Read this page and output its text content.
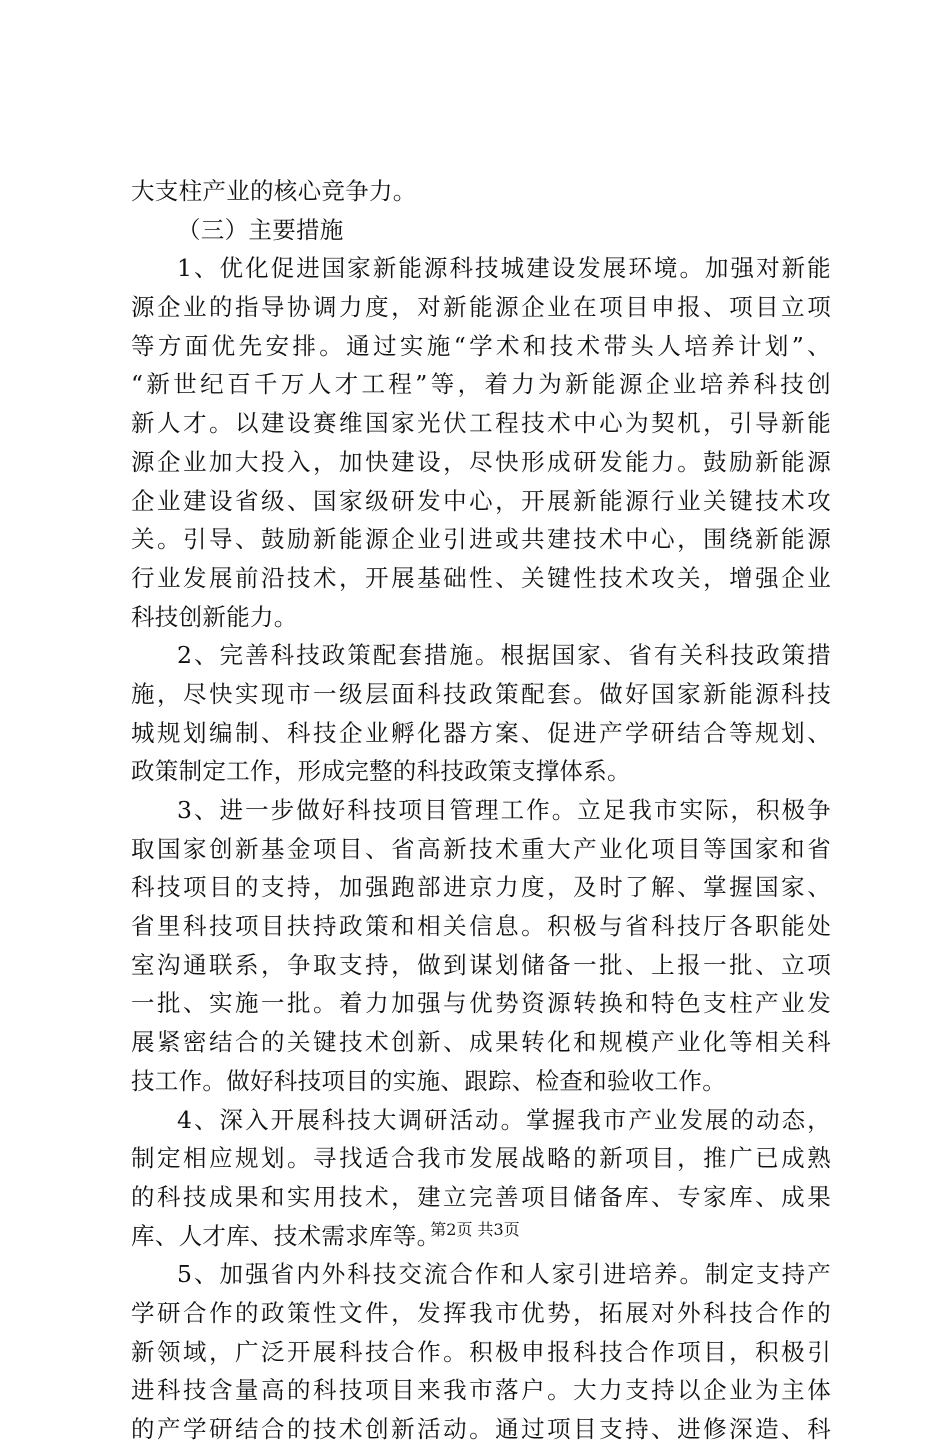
大支柱产业的核心竞争力。
（三）主要措施
1、优化促进国家新能源科技城建设发展环境。加强对新能
源企业的指导协调力度，对新能源企业在项目申报、项目立项
等方面优先安排。通过实施“学术和技术带头人培养计划”、
“新世纪百千万人才工程”等，着力为新能源企业培养科技创
新人才。以建设赛维国家光伏工程技术中心为契机，引导新能
源企业加大投入，加快建设，尽快形成研发能力。鼓励新能源
企业建设省级、国家级研发中心，开展新能源行业关键技术攻
关。引导、鼓励新能源企业引进或共建技术中心，围绕新能源
行业发展前沿技术，开展基础性、关键性技术攻关，增强企业
科技创新能力。
2、完善科技政策配套措施。根据国家、省有关科技政策措
施，尽快实现市一级层面科技政策配套。做好国家新能源科技
城规划编制、科技企业孵化器方案、促进产学研结合等规划、
政策制定工作，形成完整的科技政策支撑体系。
3、进一步做好科技项目管理工作。立足我市实际，积极争
取国家创新基金项目、省高新技术重大产业化项目等国家和省
科技项目的支持，加强跑部进京力度，及时了解、掌握国家、
省里科技项目扶持政策和相关信息。积极与省科技厅各职能处
室沟通联系，争取支持，做到谋划储备一批、上报一批、立项
一批、实施一批。着力加强与优势资源转换和特色支柱产业发
展紧密结合的关键技术创新、成果转化和规模产业化等相关科
技工作。做好科技项目的实施、跟踪、检查和验收工作。
4、深入开展科技大调研活动。掌握我市产业发展的动态，
制定相应规划。寻找适合我市发展战略的新项目，推广已成熟
的科技成果和实用技术，建立完善项目储备库、专家库、成果
库、人才库、技术需求库等。
5、加强省内外科技交流合作和人家引进培养。制定支持产
学研合作的政策性文件，发挥我市优势，拓展对外科技合作的
新领域，广泛开展科技合作。积极申报科技合作项目，积极引
进科技含量高的科技项目来我市落户。大力支持以企业为主体
的产学研结合的技术创新活动。通过项目支持、进修深造、科
第2页 共3页
